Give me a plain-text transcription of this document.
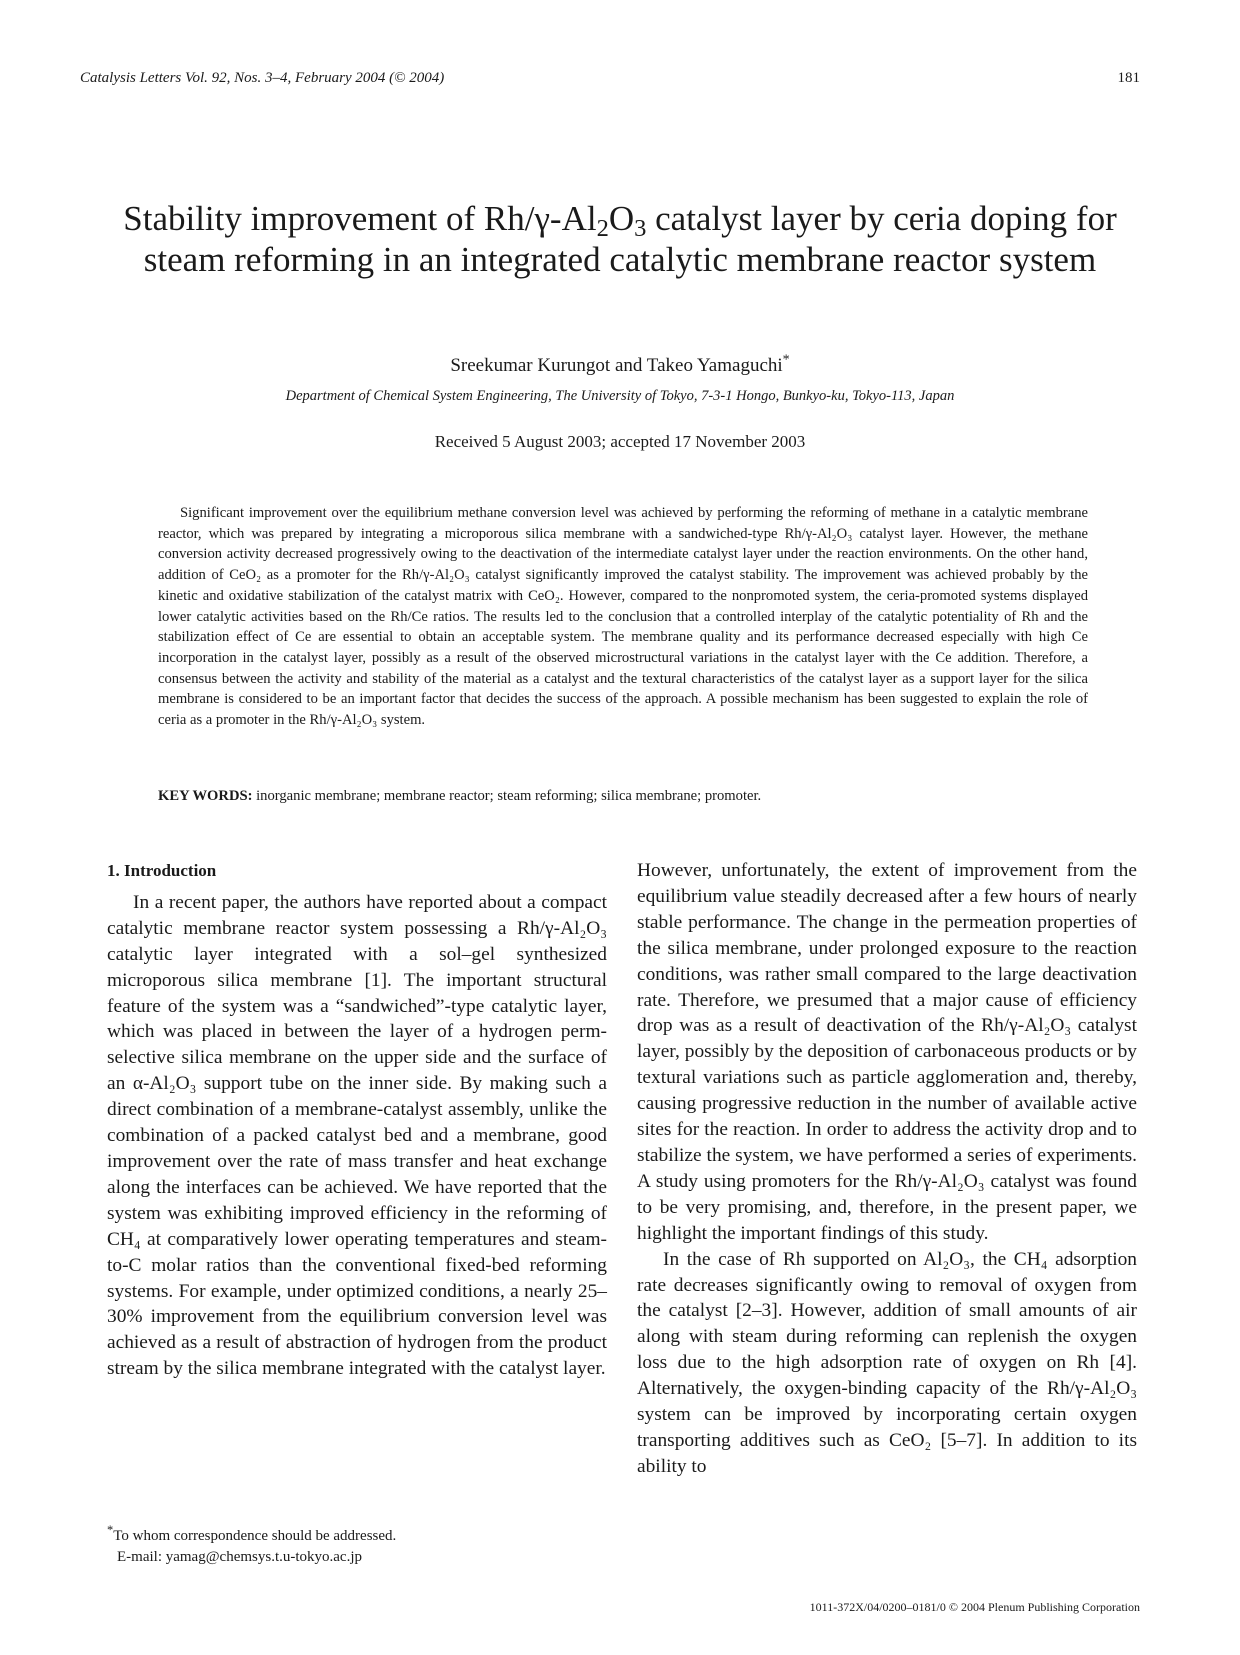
Catalysis Letters Vol. 92, Nos. 3–4, February 2004 (© 2004)	181
Stability improvement of $Rh/\gamma-Al_2O_3$ catalyst layer by ceria doping for steam reforming in an integrated catalytic membrane reactor system
Sreekumar Kurungot and Takeo Yamaguchi*
Department of Chemical System Engineering, The University of Tokyo, 7-3-1 Hongo, Bunkyo-ku, Tokyo-113, Japan
Received 5 August 2003; accepted 17 November 2003
Significant improvement over the equilibrium methane conversion level was achieved by performing the reforming of methane in a catalytic membrane reactor, which was prepared by integrating a microporous silica membrane with a sandwiched-type Rh/γ-Al₂O₃ catalyst layer. However, the methane conversion activity decreased progressively owing to the deactivation of the intermediate catalyst layer under the reaction environments. On the other hand, addition of CeO₂ as a promoter for the Rh/γ-Al₂O₃ catalyst significantly improved the catalyst stability. The improvement was achieved probably by the kinetic and oxidative stabilization of the catalyst matrix with CeO₂. However, compared to the nonpromoted system, the ceria-promoted systems displayed lower catalytic activities based on the Rh/Ce ratios. The results led to the conclusion that a controlled interplay of the catalytic potentiality of Rh and the stabilization effect of Ce are essential to obtain an acceptable system. The membrane quality and its performance decreased especially with high Ce incorporation in the catalyst layer, possibly as a result of the observed microstructural variations in the catalyst layer with the Ce addition. Therefore, a consensus between the activity and stability of the material as a catalyst and the textural characteristics of the catalyst layer as a support layer for the silica membrane is considered to be an important factor that decides the success of the approach. A possible mechanism has been suggested to explain the role of ceria as a promoter in the Rh/γ-Al₂O₃ system.
KEY WORDS: inorganic membrane; membrane reactor; steam reforming; silica membrane; promoter.
1. Introduction

In a recent paper, the authors have reported about a compact catalytic membrane reactor system possessing a Rh/γ-Al₂O₃ catalytic layer integrated with a sol–gel synthesized microporous silica membrane [1]. The important structural feature of the system was a “sandwiched”-type catalytic layer, which was placed in between the layer of a hydrogen perm-selective silica membrane on the upper side and the surface of an α-Al₂O₃ support tube on the inner side. By making such a direct combination of a membrane-catalyst assembly, unlike the combination of a packed catalyst bed and a membrane, good improvement over the rate of mass transfer and heat exchange along the interfaces can be achieved. We have reported that the system was exhibiting improved efficiency in the reforming of CH₄ at comparatively lower operating temperatures and steam-to-C molar ratios than the conventional fixed-bed reforming systems. For example, under optimized conditions, a nearly 25–30% improvement from the equilibrium conversion level was achieved as a result of abstraction of hydrogen from the product stream by the silica membrane integrated with the catalyst layer.

However, unfortunately, the extent of improvement from the equilibrium value steadily decreased after a few hours of nearly stable performance. The change in the permeation properties of the silica membrane, under prolonged exposure to the reaction conditions, was rather small compared to the large deactivation rate. Therefore, we presumed that a major cause of efficiency drop was as a result of deactivation of the Rh/γ-Al₂O₃ catalyst layer, possibly by the deposition of carbonaceous products or by textural variations such as particle agglomeration and, thereby, causing progressive reduction in the number of available active sites for the reaction. In order to address the activity drop and to stabilize the system, we have performed a series of experiments. A study using promoters for the Rh/γ-Al₂O₃ catalyst was found to be very promising, and, therefore, in the present paper, we highlight the important findings of this study.

In the case of Rh supported on Al₂O₃, the CH₄ adsorption rate decreases significantly owing to removal of oxygen from the catalyst [2–3]. However, addition of small amounts of air along with steam during reforming can replenish the oxygen loss due to the high adsorption rate of oxygen on Rh [4]. Alternatively, the oxygen-binding capacity of the Rh/γ-Al₂O₃ system can be improved by incorporating certain oxygen transporting additives such as CeO₂ [5–7]. In addition to its ability to

*To whom correspondence should be addressed.
E-mail: yamag@chemsys.t.u-tokyo.ac.jp
1011-372X/04/0200–0181/0 © 2004 Plenum Publishing Corporation
